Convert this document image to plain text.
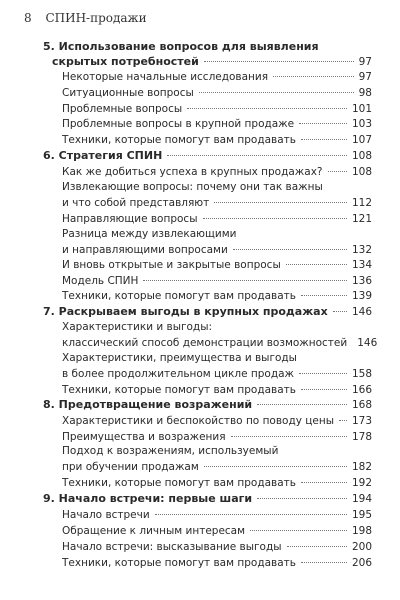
8 СПИН-продажи
5. Использование вопросов для выявления
скрытых потребностей	97
Некоторые начальные исследования	97
Ситуационные вопросы	98
Проблемные вопросы	101
Проблемные вопросы в крупной продаже	103
Техники, которые помогут вам продавать	107
6. Стратегия СПИН	108
Как же добиться успеха в крупных продажах?	108
Извлекающие вопросы: почему они так важны
и что собой представляют	112
Направляющие вопросы	121
Разница между извлекающими
и направляющими вопросами	132
И вновь открытые и закрытые вопросы	134
Модель СПИН	136
Техники, которые помогут вам продавать	139
7. Раскрываем выгоды в крупных продажах 146
Характеристики и выгоды:
классический способ демонстрации возможностей 146
Характеристики, преимущества и выгоды
в более продолжительном цикле продаж	158
Техники, которые помогут вам продавать	166
8. Предотвращение возражений	168
Характеристики и беспокойство по поводу цены 173
Преимущества и возражения	178
Подход к возражениям, используемый
при обучении продажам	182
Техники, которые помогут вам продавать	192
9. Начало встречи: первые шаги	194
Начало встречи	195
Обращение к личным интересам	198
Начало встречи: высказывание выгоды	200
Техники, которые помогут вам продавать	206
